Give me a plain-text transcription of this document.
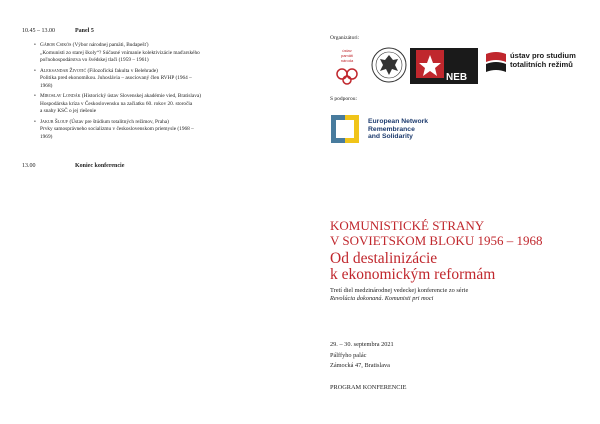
10.45 – 13.00	Panel 5
• Gábor Csikós (Výbor národnej pamäti, Budapešť)
„Komunisti zo starej školy“? Súčasné vnímanie kolektivizácie maďarského
poľnohospodárstva vo švédskej tlači (1959 – 1961)
• Aleksandar Životić (Filozofická fakulta v Belehrade)
Politika pred ekonomikou. Juhoslávia – asociovaný člen RVHP (1964 –
1968)
• Miroslav Londák (Historický ústav Slovenskej akadémie vied, Bratislava)
Hospodárska kríza v Československu na začiatku 60. rokov 20. storočia
a snahy KSČ o jej riešenie
• Jakub Šlouf (Ústav pre štúdium totalitných režimov, Praha)
Prvky samosprávneho socializmu v československom priemysle (1968 –
1969)
13.00	Koniec konferencie
Organizátori:
ústav
pamäti
národa
NEB
ústav pro studium
totalitních režimů
S podporou:
European Network
Remembrance
and Solidarity
KOMUNISTICKÉ STRANY
V SOVIETSKOM BLOKU 1956 – 1968
Od destalinizácie
k ekonomickým reformám
Tretí diel medzinárodnej vedeckej konferencie zo série
Revolúcia dokonaná. Komunisti pri moci
29. – 30. septembra 2021
Pálffyho palác
Zámocká 47, Bratislava
PROGRAM KONFERENCIE
